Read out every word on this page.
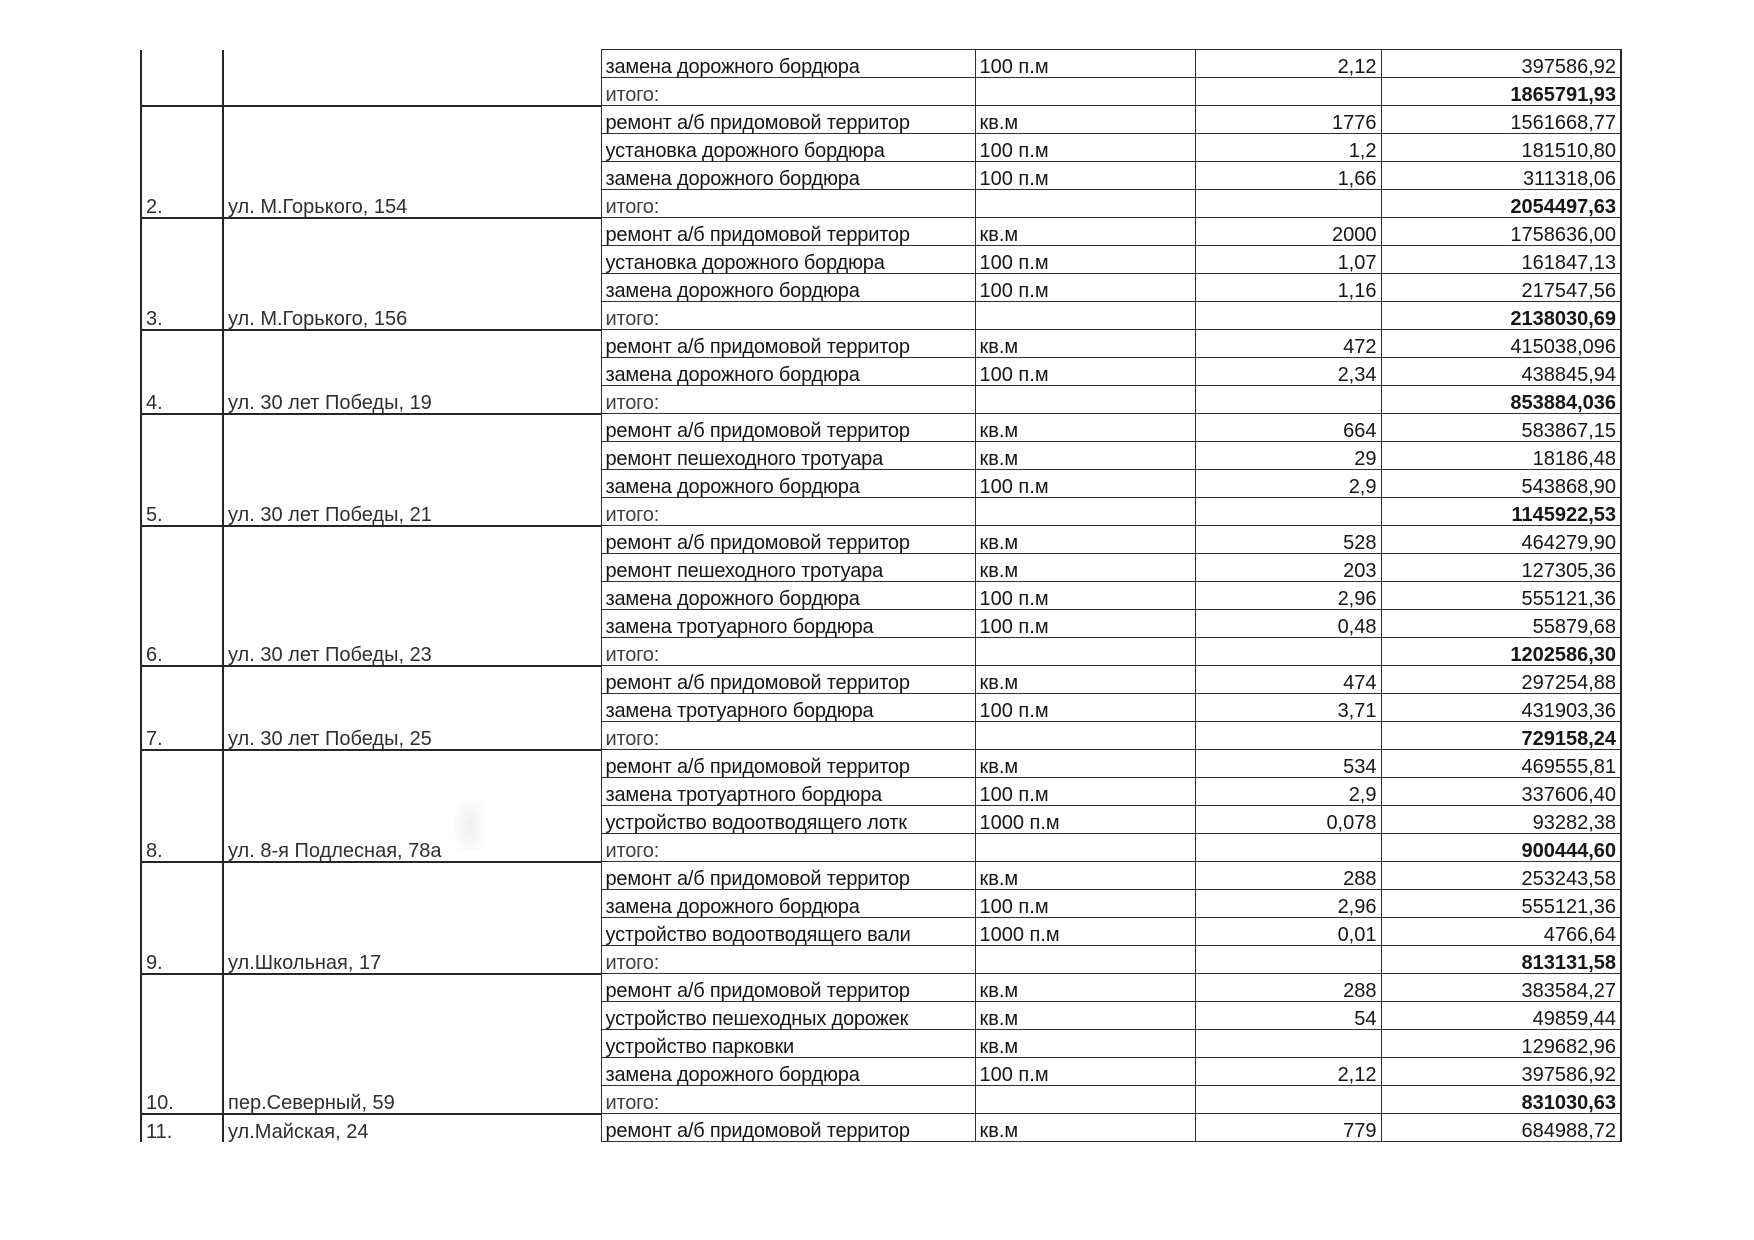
		замена дорожного бордюра	100 п.м	2,12	397586,92
		итого:			1865791,93
2.	ул. М.Горького, 154	ремонт а/б придомовой территор	кв.м	1776	1561668,77
		установка дорожного бордюра	100 п.м	1,2	181510,80
		замена дорожного бордюра	100 п.м	1,66	311318,06
		итого:			2054497,63
3.	ул. М.Горького, 156	ремонт а/б придомовой территор	кв.м	2000	1758636,00
		установка дорожного бордюра	100 п.м	1,07	161847,13
		замена дорожного бордюра	100 п.м	1,16	217547,56
		итого:			2138030,69
4.	ул. 30 лет Победы, 19	ремонт а/б придомовой территор	кв.м	472	415038,096
		замена дорожного бордюра	100 п.м	2,34	438845,94
		итого:			853884,036
5.	ул. 30 лет Победы, 21	ремонт а/б придомовой территор	кв.м	664	583867,15
		ремонт пешеходного тротуара	кв.м	29	18186,48
		замена дорожного бордюра	100 п.м	2,9	543868,90
		итого:			1145922,53
6.	ул. 30 лет Победы, 23	ремонт а/б придомовой территор	кв.м	528	464279,90
		ремонт пешеходного тротуара	кв.м	203	127305,36
		замена дорожного бордюра	100 п.м	2,96	555121,36
		замена тротуарного бордюра	100 п.м	0,48	55879,68
		итого:			1202586,30
7.	ул. 30 лет Победы, 25	ремонт а/б придомовой территор	кв.м	474	297254,88
		замена тротуарного бордюра	100 п.м	3,71	431903,36
		итого:			729158,24
8.	ул. 8-я Подлесная, 78а	ремонт а/б придомовой территор	кв.м	534	469555,81
		замена тротуартного бордюра	100 п.м	2,9	337606,40
		устройство водоотводящего лотк	1000 п.м	0,078	93282,38
		итого:			900444,60
9.	ул.Школьная, 17	ремонт а/б придомовой территор	кв.м	288	253243,58
		замена дорожного бордюра	100 п.м	2,96	555121,36
		устройство водоотводящего вали	1000 п.м	0,01	4766,64
		итого:			813131,58
10.	пер.Северный, 59	ремонт а/б придомовой территор	кв.м	288	383584,27
		устройство пешеходных дорожек	кв.м	54	49859,44
		устройство парковки	кв.м		129682,96
		замена дорожного бордюра	100 п.м	2,12	397586,92
		итого:			831030,63
11.	ул.Майская, 24	ремонт а/б придомовой территор	кв.м	779	684988,72
